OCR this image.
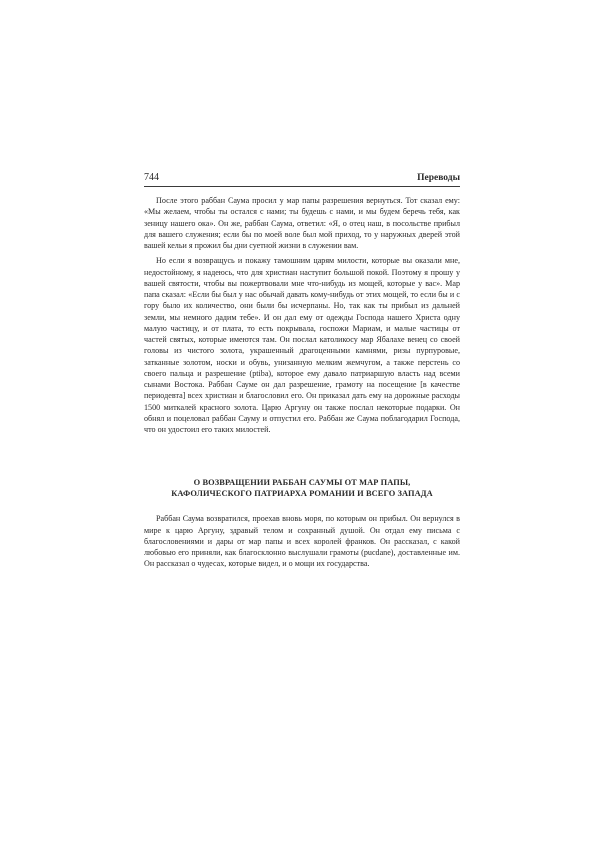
744	Переводы

После этого раббан Саума просил у мар папы разрешения вернуться. Тот сказал ему: «Мы желаем, чтобы ты остался с нами; ты будешь с нами, и мы будем беречь тебя, как зеницу нашего ока». Он же, раббан Саума, ответил: «Я, о отец наш, в посольстве прибыл для вашего служения; если бы по моей воле был мой приход, то у наружных дверей этой вашей кельи я прожил бы дни суетной жизни в служении вам.

Но если я возвращусь и покажу тамошним царям милости, которые вы оказали мне, недостойному, я надеюсь, что для христиан наступит большой покой. Поэтому я прошу у вашей святости, чтобы вы пожертвовали мне что-нибудь из мощей, которые у вас». Мар папа сказал: «Если бы был у нас обычай давать кому-нибудь от этих мощей, то если бы и с гору было их количество, они были бы исчерпаны. Но, так как ты прибыл из дальней земли, мы немного дадим тебе». И он дал ему от одежды Господа нашего Христа одну малую частицу, и от плата, то есть покрывала, госпожи Мариам, и малые частицы от частей святых, которые имеются там. Он послал католикосу мар Ябалахе венец со своей головы из чистого золота, украшенный драгоценными камнями, ризы пурпуровые, затканные золотом, носки и обувь, унизанную мелким жемчугом, а также перстень со своего пальца и разрешение (ptiba), которое ему давало патриаршую власть над всеми сынами Востока. Раббан Сауме он дал разрешение, грамоту на посещение [в качестве периодевта] всех христиан и благословил его. Он приказал дать ему на дорожные расходы 1500 миткалей красного золота. Царю Аргуну он также послал некоторые подарки. Он обнял и поцеловал раббан Сауму и отпустил его. Раббан же Саума поблагодарил Господа, что он удостоил его таких милостей.

О ВОЗВРАЩЕНИИ РАББАН САУМЫ ОТ МАР ПАПЫ,
КАФОЛИЧЕСКОГО ПАТРИАРХА РОМАНИИ И ВСЕГО ЗАПАДА

Раббан Саума возвратился, проехав вновь моря, по которым он прибыл. Он вернулся в мире к царю Аргуну, здравый телом и сохранный душой. Он отдал ему письма с благословениями и дары от мар папы и всех королей франков. Он рассказал, с какой любовью его приняли, как благосклонно выслушали грамоты (pucdane), доставленные им. Он рассказал о чудесах, которые видел, и о мощи их государства.
